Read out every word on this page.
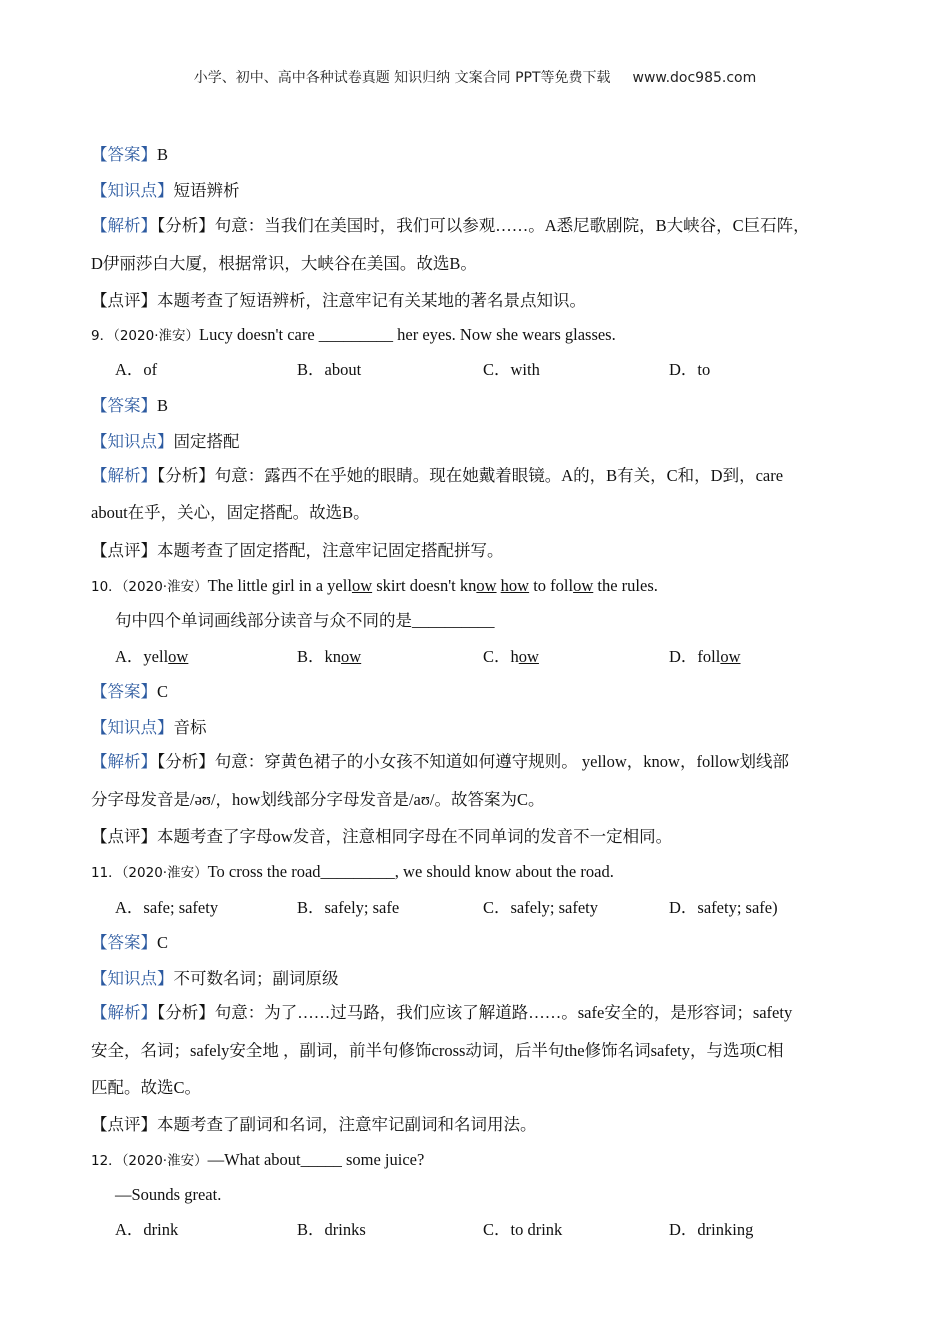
小学、初中、高中各种试卷真题 知识归纳 文案合同 PPT等免费下载 www.doc985.com
【答案】B
【知识点】短语辨析
【解析】【分析】句意：当我们在美国时，我们可以参观……。A悉尼歌剧院，B大峡谷，C巨石阵，
D伊丽莎白大厦，根据常识，大峡谷在美国。故选B。
【点评】本题考查了短语辨析，注意牢记有关某地的著名景点知识。
9．（2020·淮安）Lucy doesn't care _________ her eyes. Now she wears glasses.
A．of	B．about	C．with	D．to
【答案】B
【知识点】固定搭配
【解析】【分析】句意：露西不在乎她的眼睛。现在她戴着眼镜。A的，B有关，C和，D到，care
about在乎，关心，固定搭配。故选B。
【点评】本题考查了固定搭配，注意牢记固定搭配拼写。
10．（2020·淮安）The little girl in a yellow skirt doesn't know how to follow the rules.
句中四个单词画线部分读音与众不同的是__________
A．yellow	B．know	C．how	D．follow
【答案】C
【知识点】音标
【解析】【分析】句意：穿黄色裙子的小女孩不知道如何遵守规则。 yellow，know，follow划线部
分字母发音是/əʊ/，how划线部分字母发音是/aʊ/。故答案为C。
【点评】本题考查了字母ow发音，注意相同字母在不同单词的发音不一定相同。
11．（2020·淮安）To cross the road_________, we should know about the road.
A．safe; safety	B．safely; safe	C．safely; safety	D．safety; safe)
【答案】C
【知识点】不可数名词；副词原级
【解析】【分析】句意：为了……过马路，我们应该了解道路……。safe安全的，是形容词；safety
安全，名词；safely安全地 ，副词，前半句修饰cross动词，后半句the修饰名词safety，与选项C相
匹配。故选C。
【点评】本题考查了副词和名词，注意牢记副词和名词用法。
12．（2020·淮安）—What about_____ some juice?
—Sounds great.
A．drink	B．drinks	C．to drink	D．drinking
